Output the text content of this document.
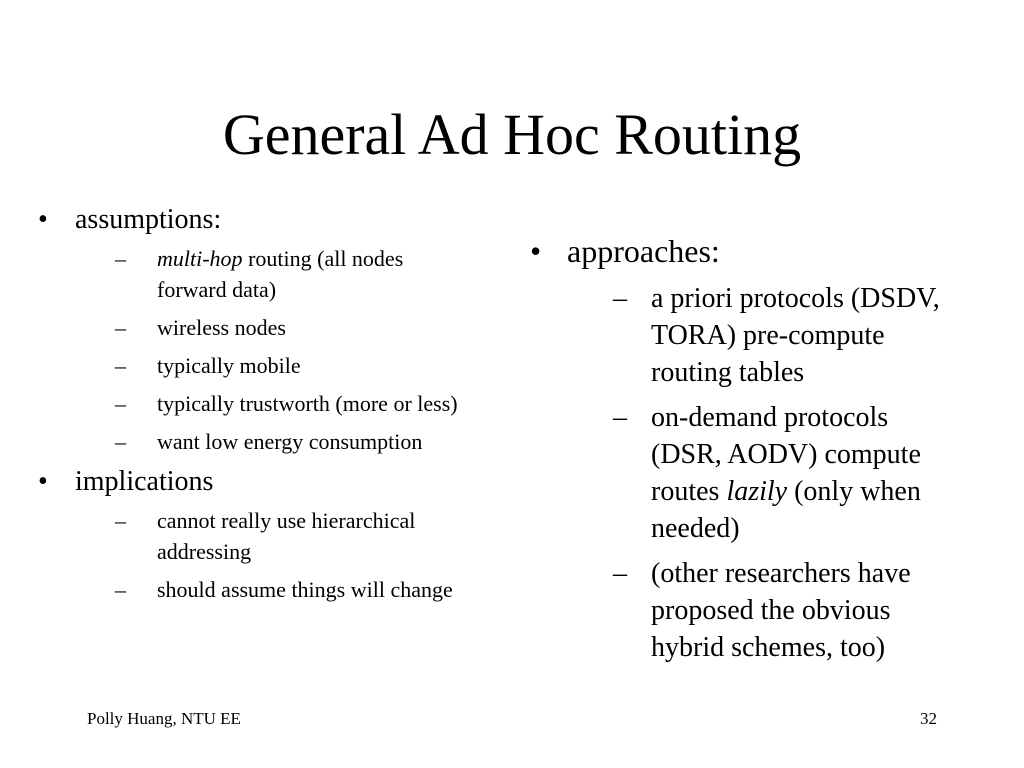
General Ad Hoc Routing
• assumptions:
– multi-hop routing (all nodes forward data)
– wireless nodes
– typically mobile
– typically trustworth (more or less)
– want low energy consumption
• implications
– cannot really use hierarchical addressing
– should assume things will change
• approaches:
– a priori protocols (DSDV, TORA) pre-compute routing tables
– on-demand protocols (DSR, AODV) compute routes lazily (only when needed)
– (other researchers have proposed the obvious hybrid schemes, too)
Polly Huang, NTU EE	32
